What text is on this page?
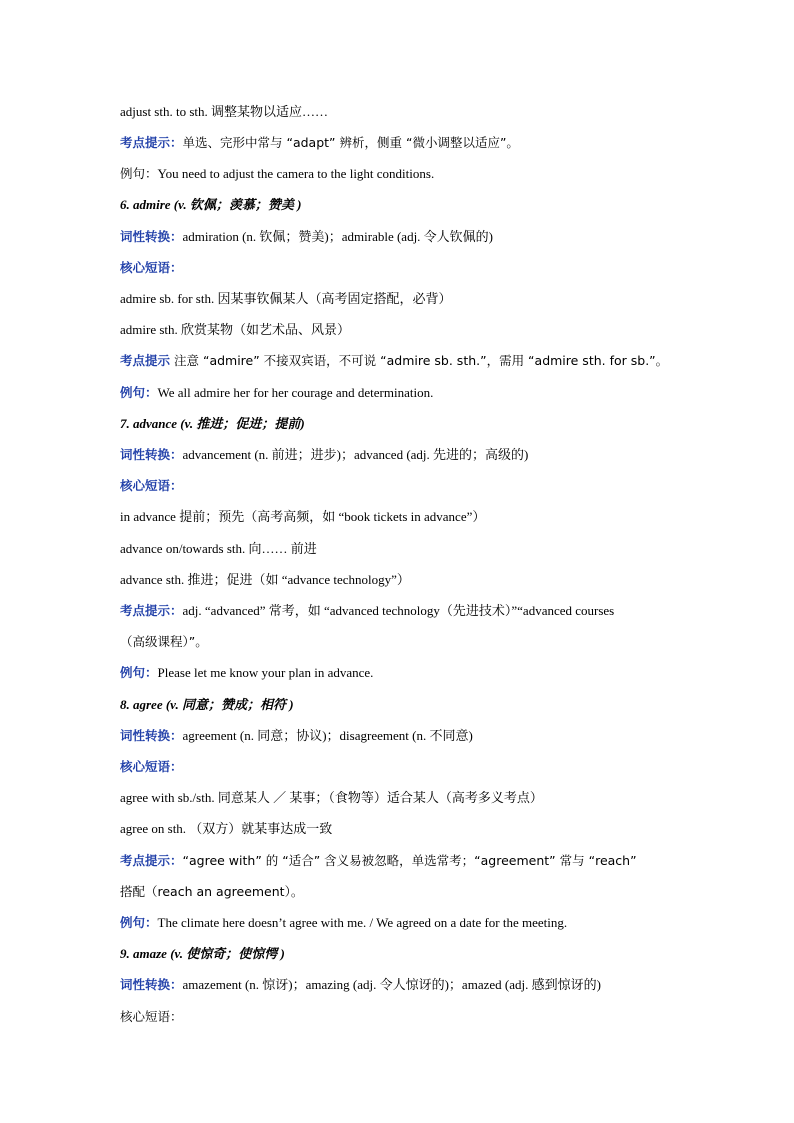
adjust sth. to sth. 调整某物以适应……
考点提示：单选、完形中常与 “adapt” 辨析，侧重 “微小调整以适应”。
例句：You need to adjust the camera to the light conditions.
6. admire (v. 钦佩；羡慕；赞美 )
词性转换：admiration (n. 钦佩；赞美)；admirable (adj. 令人钦佩的)
核心短语：
admire sb. for sth. 因某事钦佩某人（高考固定搭配，必背）
admire sth. 欣赏某物（如艺术品、风景）
考点提示 注意 “admire” 不接双宾语，不可说 “admire sb. sth.”，需用 “admire sth. for sb.”。
例句：We all admire her for her courage and determination.
7. advance (v. 推进；促进；提前)
词性转换：advancement (n. 前进；进步)；advanced (adj. 先进的；高级的)
核心短语：
in advance 提前；预先（高考高频，如 “book tickets in advance”）
advance on/towards sth. 向…… 前进
advance sth. 推进；促进（如 “advance technology”）
考点提示：adj. “advanced” 常考，如 “advanced technology（先进技术）”“advanced courses
（高级课程）”。
例句：Please let me know your plan in advance.
8. agree (v. 同意；赞成；相符 )
词性转换：agreement (n. 同意；协议)；disagreement (n. 不同意)
核心短语：
agree with sb./sth. 同意某人 ／ 某事；（食物等）适合某人（高考多义考点）
agree on sth. （双方）就某事达成一致
考点提示：“agree with” 的 “适合” 含义易被忽略，单选常考；“agreement” 常与 “reach”
搭配（reach an agreement）。
例句：The climate here doesn’t agree with me. / We agreed on a date for the meeting.
9. amaze (v. 使惊奇；使惊愕 )
词性转换：amazement (n. 惊讶)；amazing (adj. 令人惊讶的)；amazed (adj. 感到惊讶的)
核心短语：
